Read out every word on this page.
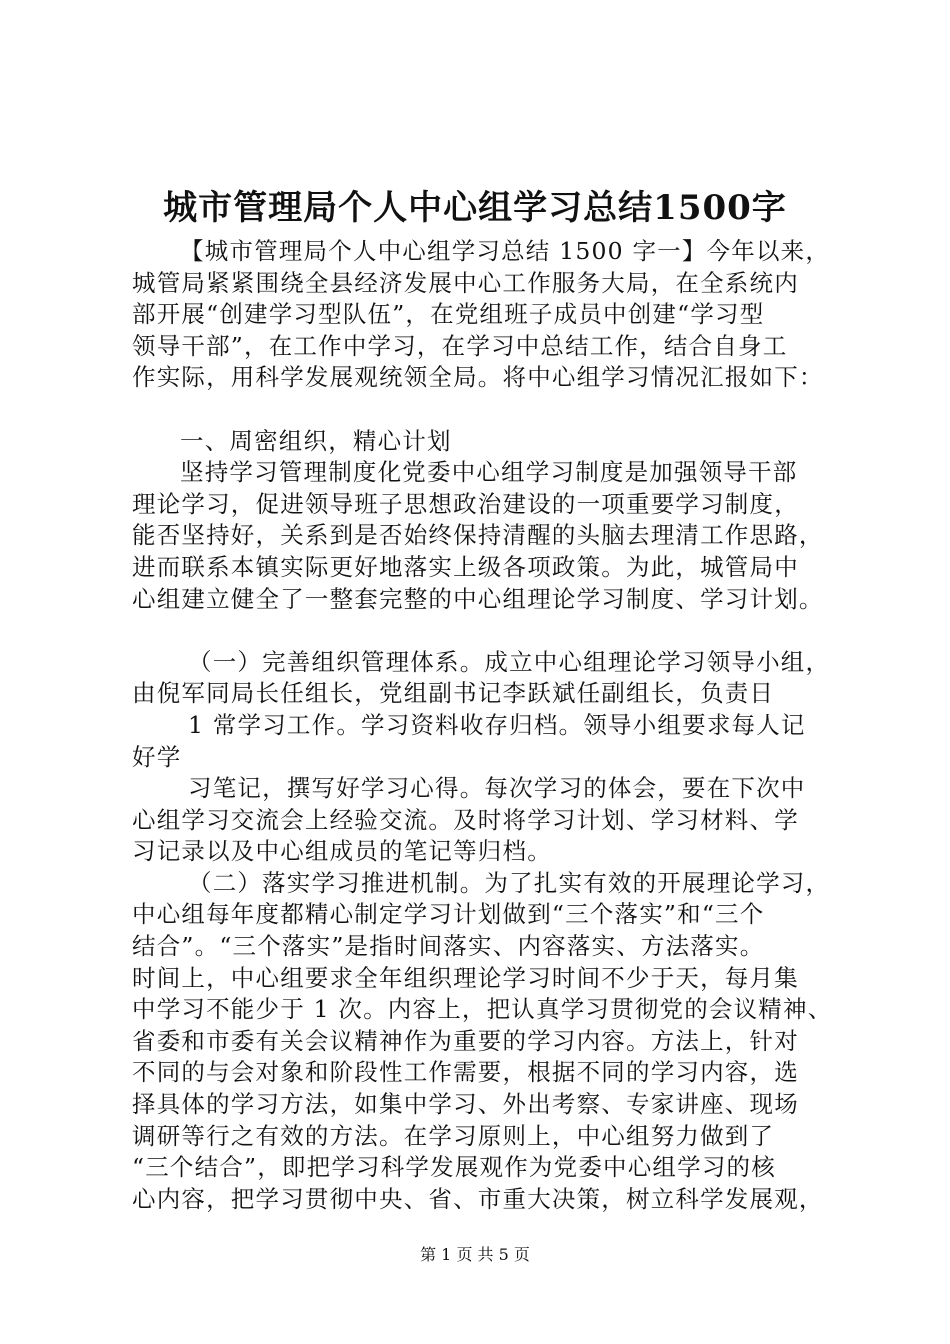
城市管理局个人中心组学习总结1500字
【城市管理局个人中心组学习总结 1500 字一】今年以来，
城管局紧紧围绕全县经济发展中心工作服务大局，在全系统内
部开展“创建学习型队伍”，在党组班子成员中创建“学习型
领导干部”，在工作中学习，在学习中总结工作，结合自身工
作实际，用科学发展观统领全局。将中心组学习情况汇报如下：
一、周密组织，精心计划
坚持学习管理制度化党委中心组学习制度是加强领导干部
理论学习，促进领导班子思想政治建设的一项重要学习制度，
能否坚持好，关系到是否始终保持清醒的头脑去理清工作思路，
进而联系本镇实际更好地落实上级各项政策。为此，城管局中
心组建立健全了一整套完整的中心组理论学习制度、学习计划。
（一）完善组织管理体系。成立中心组理论学习领导小组，
由倪军同局长任组长，党组副书记李跃斌任副组长，负责日
1 常学习工作。学习资料收存归档。领导小组要求每人记
好学
习笔记，撰写好学习心得。每次学习的体会，要在下次中
心组学习交流会上经验交流。及时将学习计划、学习材料、学
习记录以及中心组成员的笔记等归档。
（二）落实学习推进机制。为了扎实有效的开展理论学习，
中心组每年度都精心制定学习计划做到“三个落实”和“三个
结合”。“三个落实”是指时间落实、内容落实、方法落实。
时间上，中心组要求全年组织理论学习时间不少于天，每月集
中学习不能少于 1 次。内容上，把认真学习贯彻党的会议精神、
省委和市委有关会议精神作为重要的学习内容。方法上，针对
不同的与会对象和阶段性工作需要，根据不同的学习内容，选
择具体的学习方法，如集中学习、外出考察、专家讲座、现场
调研等行之有效的方法。在学习原则上，中心组努力做到了
“三个结合”，即把学习科学发展观作为党委中心组学习的核
心内容，把学习贯彻中央、省、市重大决策，树立科学发展观，
第 1 页 共 5 页
